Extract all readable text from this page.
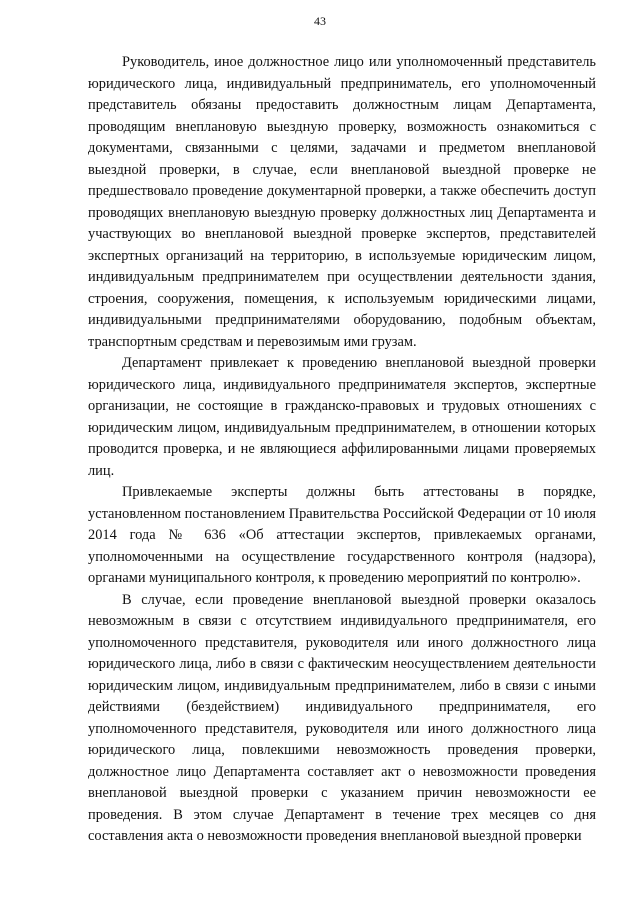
43

Руководитель, иное должностное лицо или уполномоченный представитель юридического лица, индивидуальный предприниматель, его уполномоченный представитель обязаны предоставить должностным лицам Департамента, проводящим внеплановую выездную проверку, возможность ознакомиться с документами, связанными с целями, задачами и предметом внеплановой выездной проверки, в случае, если внеплановой выездной проверке не предшествовало проведение документарной проверки, а также обеспечить доступ проводящих внеплановую выездную проверку должностных лиц Департамента и участвующих во внеплановой выездной проверке экспертов, представителей экспертных организаций на территорию, в используемые юридическим лицом, индивидуальным предпринимателем при осуществлении деятельности здания, строения, сооружения, помещения, к используемым юридическими лицами, индивидуальными предпринимателями оборудованию, подобным объектам, транспортным средствам и перевозимым ими грузам.

Департамент привлекает к проведению внеплановой выездной проверки юридического лица, индивидуального предпринимателя экспертов, экспертные организации, не состоящие в гражданско-правовых и трудовых отношениях с юридическим лицом, индивидуальным предпринимателем, в отношении которых проводится проверка, и не являющиеся аффилированными лицами проверяемых лиц.

Привлекаемые эксперты должны быть аттестованы в порядке, установленном постановлением Правительства Российской Федерации от 10 июля 2014 года № 636 «Об аттестации экспертов, привлекаемых органами, уполномоченными на осуществление государственного контроля (надзора), органами муниципального контроля, к проведению мероприятий по контролю».

В случае, если проведение внеплановой выездной проверки оказалось невозможным в связи с отсутствием индивидуального предпринимателя, его уполномоченного представителя, руководителя или иного должностного лица юридического лица, либо в связи с фактическим неосуществлением деятельности юридическим лицом, индивидуальным предпринимателем, либо в связи с иными действиями (бездействием) индивидуального предпринимателя, его уполномоченного представителя, руководителя или иного должностного лица юридического лица, повлекшими невозможность проведения проверки, должностное лицо Департамента составляет акт о невозможности проведения внеплановой выездной проверки с указанием причин невозможности ее проведения. В этом случае Департамент в течение трех месяцев со дня составления акта о невозможности проведения внеплановой выездной проверки
